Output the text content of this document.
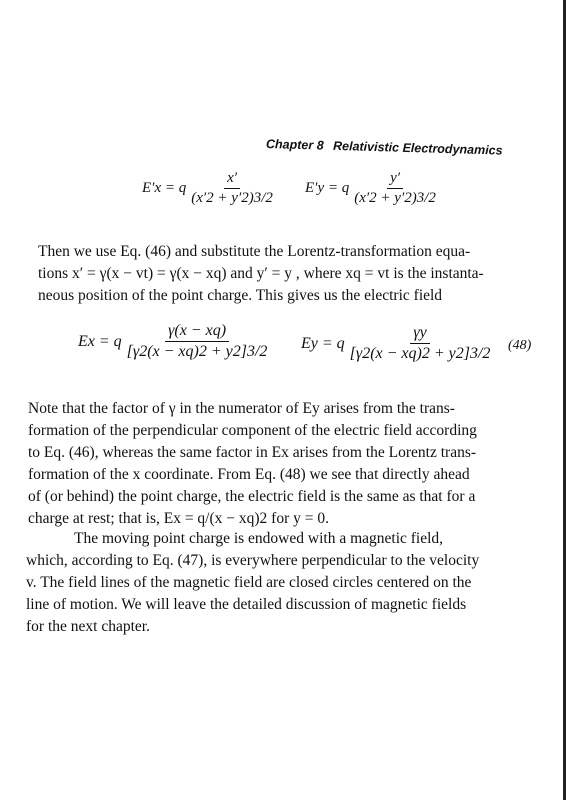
Chapter 8 Relativistic Electrodynamics
E′x = q $\frac{x'}{(x'2 + y'2)3/2} E'y = q \frac{y'}{(x'2 + y'2)3/2}$
Then we use Eq. (46) and substitute the Lorentz-transformation equa-
tions x′ = γ(x − vt) = γ(x − xq) and y′ = y , where xq = vt is the instanta-
neous position of the point charge. This gives us the electric field
Ex = q $\frac{\gamma(x - xq)}{[\gamma 2(x - xq)2 + y2]3/2}$ Ey = q $\frac{\gamma y}{[\gamma 2(x - xq)2 + y2]3/2} (48)$
Note that the factor of γ in the numerator of Ey arises from the trans-
formation of the perpendicular component of the electric field according
to Eq. (46), whereas the same factor in Ex arises from the Lorentz trans-
formation of the x coordinate. From Eq. (48) we see that directly ahead
of (or behind) the point charge, the electric field is the same as that for a
charge at rest; that is, Ex = q/(x − xq)2 for y = 0.
The moving point charge is endowed with a magnetic field,
which, according to Eq. (47), is everywhere perpendicular to the velocity
v. The field lines of the magnetic field are closed circles centered on the
line of motion. We will leave the detailed discussion of magnetic fields
for the next chapter.
